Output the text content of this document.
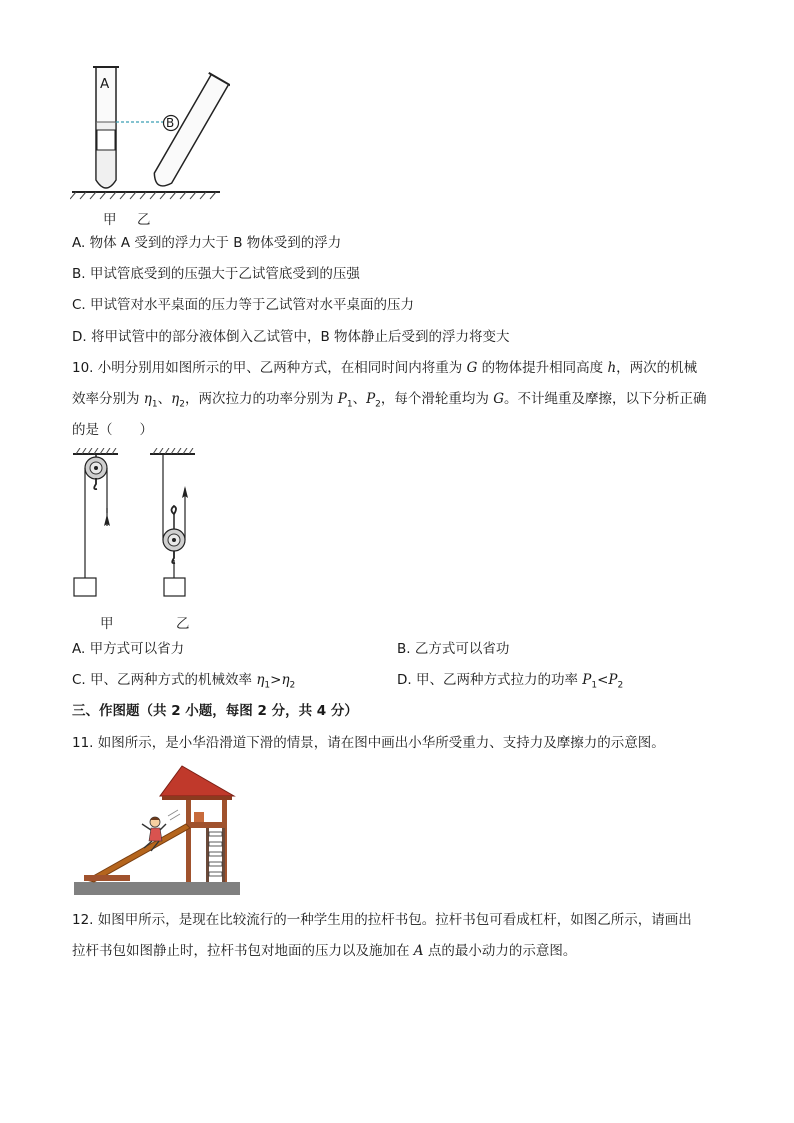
A
B
甲 乙
A. 物体 A 受到的浮力大于 B 物体受到的浮力
B. 甲试管底受到的压强大于乙试管底受到的压强
C. 甲试管对水平桌面的压力等于乙试管对水平桌面的压力
D. 将甲试管中的部分液体倒入乙试管中，B 物体静止后受到的浮力将变大
10. 小明分别用如图所示的甲、乙两种方式，在相同时间内将重为 G 的物体提升相同高度 h，两次的机械
效率分别为 $\eta_1$、$\eta_2$，两次拉力的功率分别为 $P_1$、$P_2$，每个滑轮重均为 G。不计绳重及摩擦，以下分析正确
的是（　　）
甲	乙
A. 甲方式可以省力	B. 乙方式可以省功
C. 甲、乙两种方式的机械效率 $\eta_1>\eta_2$	D. 甲、乙两种方式拉力的功率 $P_1<P_2$
三、作图题（共 2 小题，每图 2 分，共 4 分）
11. 如图所示，是小华沿滑道下滑的情景，请在图中画出小华所受重力、支持力及摩擦力的示意图。
12. 如图甲所示，是现在比较流行的一种学生用的拉杆书包。拉杆书包可看成杠杆，如图乙所示，请画出
拉杆书包如图静止时，拉杆书包对地面的压力以及施加在 A 点的最小动力的示意图。
